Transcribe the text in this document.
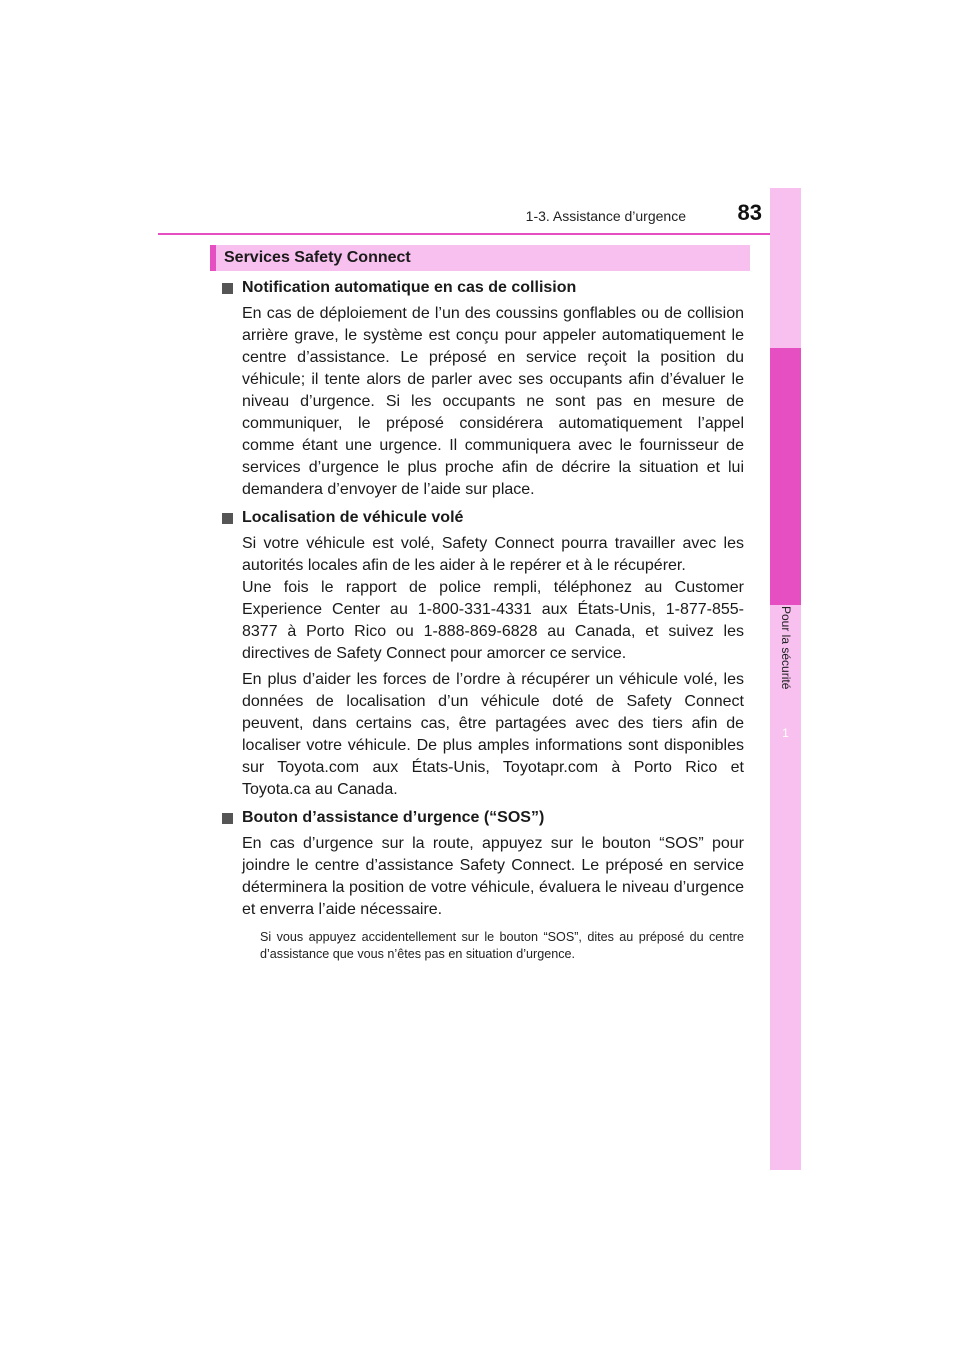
1-3. Assistance d’urgence	83
1
Pour la sécurité
Services Safety Connect
Notification automatique en cas de collision

En cas de déploiement de l’un des coussins gonflables ou de collision arrière grave, le système est conçu pour appeler automatiquement le centre d’assistance. Le préposé en service reçoit la position du véhicule; il tente alors de parler avec ses occupants afin d’évaluer le niveau d’urgence. Si les occupants ne sont pas en mesure de communiquer, le préposé considérera automatiquement l’appel comme étant une urgence. Il communiquera avec le fournisseur de services d’urgence le plus proche afin de décrire la situation et lui demandera d’envoyer de l’aide sur place.

Localisation de véhicule volé

Si votre véhicule est volé, Safety Connect pourra travailler avec les autorités locales afin de les aider à le repérer et à le récupérer.

Une fois le rapport de police rempli, téléphonez au Customer Experience Center au 1-800-331-4331 aux États-Unis, 1-877-855-8377 à Porto Rico ou 1-888-869-6828 au Canada, et suivez les directives de Safety Connect pour amorcer ce service.

En plus d’aider les forces de l’ordre à récupérer un véhicule volé, les données de localisation d’un véhicule doté de Safety Connect peuvent, dans certains cas, être partagées avec des tiers afin de localiser votre véhicule. De plus amples informations sont disponibles sur Toyota.com aux États-Unis, Toyotapr.com à Porto Rico et Toyota.ca au Canada.

Bouton d’assistance d’urgence (“SOS”)

En cas d’urgence sur la route, appuyez sur le bouton “SOS” pour joindre le centre d’assistance Safety Connect. Le préposé en service déterminera la position de votre véhicule, évaluera le niveau d’urgence et enverra l’aide nécessaire.

Si vous appuyez accidentellement sur le bouton “SOS”, dites au préposé du centre d’assistance que vous n’êtes pas en situation d’urgence.
